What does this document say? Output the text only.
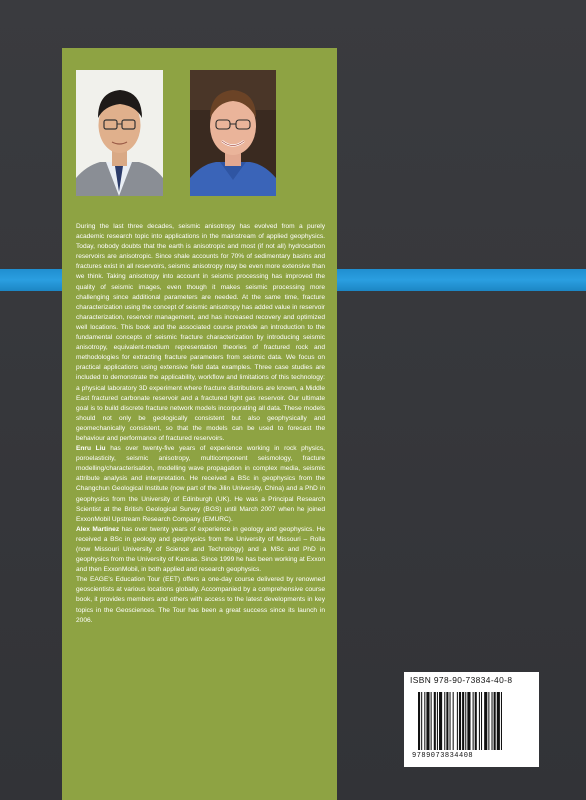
During the last three decades, seismic anisotropy has evolved from a purely academic research topic into applications in the mainstream of applied geophysics. Today, nobody doubts that the earth is anisotropic and most (if not all) hydrocarbon reservoirs are anisotropic. Since shale accounts for 70% of sedimentary basins and fractures exist in all reservoirs, seismic anisotropy may be even more extensive than we think. Taking anisotropy into account in seismic processing has improved the quality of seismic images, even though it makes seismic processing more challenging since additional parameters are needed. At the same time, fracture characterization using the concept of seismic anisotropy has added value in reservoir characterization, reservoir management, and has increased recovery and optimized well locations. This book and the associated course provide an introduction to the fundamental concepts of seismic fracture characterization by introducing seismic anisotropy, equivalent-medium representation theories of fractured rock and methodologies for extracting fracture parameters from seismic data. We focus on practical applications using extensive field data examples. Three case studies are included to demonstrate the applicability, workflow and limitations of this technology: a physical laboratory 3D experiment where fracture distributions are known, a Middle East fractured carbonate reservoir and a fractured tight gas reservoir. Our ultimate goal is to build discrete fracture network models incorporating all data. These models should not only be geologically consistent but also geophysically and geomechanically consistent, so that the models can be used to forecast the behaviour and performance of fractured reservoirs.

Enru Liu has over twenty-five years of experience working in rock physics, poroelasticity, seismic anisotropy, multicomponent seismology, fracture modelling/characterisation, modelling wave propagation in complex media, seismic attribute analysis and interpretation. He received a BSc in geophysics from the Changchun Geological Institute (now part of the Jilin University, China) and a PhD in geophysics from the University of Edinburgh (UK). He was a Principal Research Scientist at the British Geological Survey (BGS) until March 2007 when he joined ExxonMobil Upstream Research Company (EMURC).

Alex Martinez has over twenty years of experience in geology and geophysics. He received a BSc in geology and geophysics from the University of Missouri – Rolla (now Missouri University of Science and Technology) and a MSc and PhD in geophysics from the University of Kansas. Since 1999 he has been working at Exxon and then ExxonMobil, in both applied and research geophysics.

The EAGE's Education Tour (EET) offers a one-day course delivered by renowned geoscientists at various locations globally. Accompanied by a comprehensive course book, it provides members and others with access to the latest developments in key topics in the Geosciences. The Tour has been a great success since its launch in 2006.

ISBN 978-90-73834-40-8
9789073834408
